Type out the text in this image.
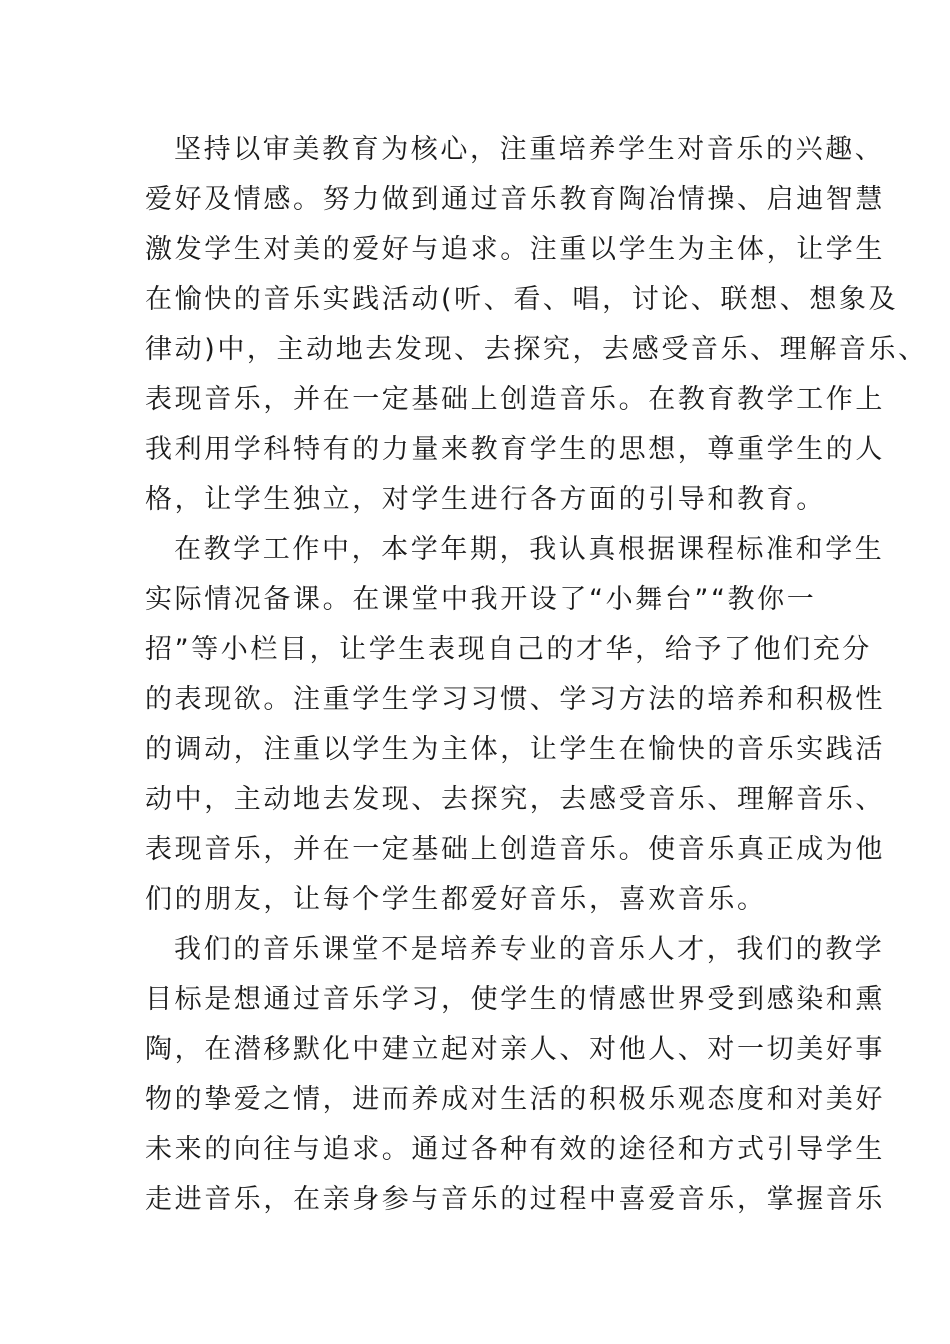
坚持以审美教育为核心，注重培养学生对音乐的兴趣、
爱好及情感。努力做到通过音乐教育陶冶情操、启迪智慧
激发学生对美的爱好与追求。注重以学生为主体，让学生
在愉快的音乐实践活动(听、看、唱，讨论、联想、想象及
律动)中，主动地去发现、去探究，去感受音乐、理解音乐、
表现音乐，并在一定基础上创造音乐。在教育教学工作上
我利用学科特有的力量来教育学生的思想，尊重学生的人
格，让学生独立，对学生进行各方面的引导和教育。
在教学工作中，本学年期，我认真根据课程标准和学生
实际情况备课。在课堂中我开设了“小舞台”“教你一
招”等小栏目，让学生表现自己的才华，给予了他们充分
的表现欲。注重学生学习习惯、学习方法的培养和积极性
的调动，注重以学生为主体，让学生在愉快的音乐实践活
动中，主动地去发现、去探究，去感受音乐、理解音乐、
表现音乐，并在一定基础上创造音乐。使音乐真正成为他
们的朋友，让每个学生都爱好音乐，喜欢音乐。
我们的音乐课堂不是培养专业的音乐人才，我们的教学
目标是想通过音乐学习，使学生的情感世界受到感染和熏
陶，在潜移默化中建立起对亲人、对他人、对一切美好事
物的挚爱之情，进而养成对生活的积极乐观态度和对美好
未来的向往与追求。通过各种有效的途径和方式引导学生
走进音乐，在亲身参与音乐的过程中喜爱音乐，掌握音乐
